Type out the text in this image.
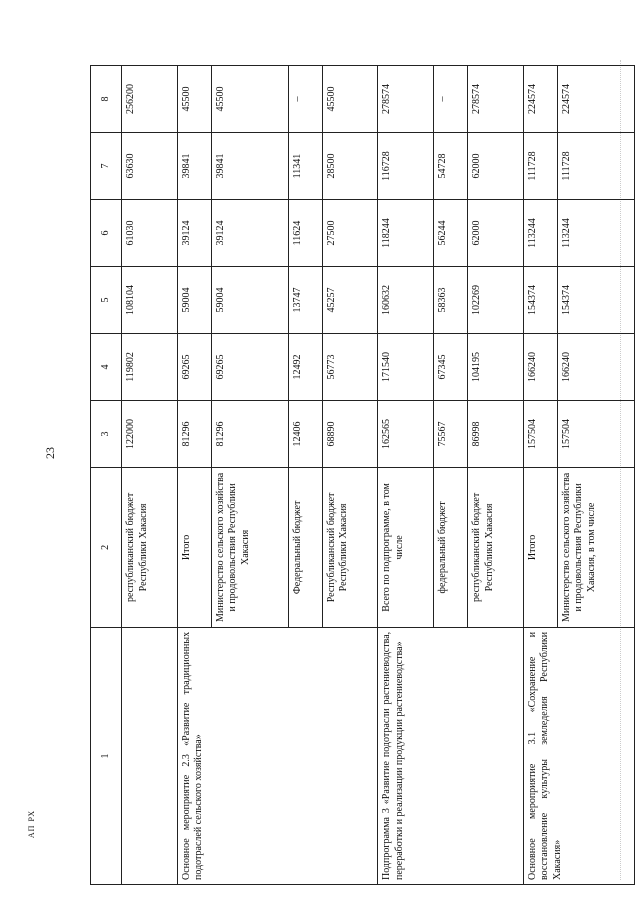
23
1	2	3	4	5	6	7	8
	республиканский бюджет Республики Хакасия	122000	119802	108104	61030	63630	256200
Основное мероприятие 2.3 «Развитие традиционных подотраслей сельского хозяйства»	Итого	81296	69265	59004	39124	39841	45500
	Министерство сельского хозяйства и продовольствия Республики Хакасия	81296	69265	59004	39124	39841	45500
	Федеральный бюджет	12406	12492	13747	11624	11341	–
	Республиканский бюджет Республики Хакасия	68890	56773	45257	27500	28500	45500
Подпрограмма 3 «Развитие подотрасли растениеводства, переработки и реализации продукции растениеводства»	Всего по подпрограмме, в том числе	162565	171540	160632	118244	116728	278574
	федеральный бюджет	75567	67345	58363	56244	54728	–
	республиканский бюджет Республики Хакасия	86998	104195	102269	62000	62000	278574
Основное мероприятие 3.1 «Сохранение и восстановление культуры земледелия Республики Хакасия»	Итого	157504	166240	154374	113244	111728	224574
	Министерство сельского хозяйства и продовольствия Республики Хакасия, в том числе	157504	166240	154374	113244	111728	224574
АП РХ
